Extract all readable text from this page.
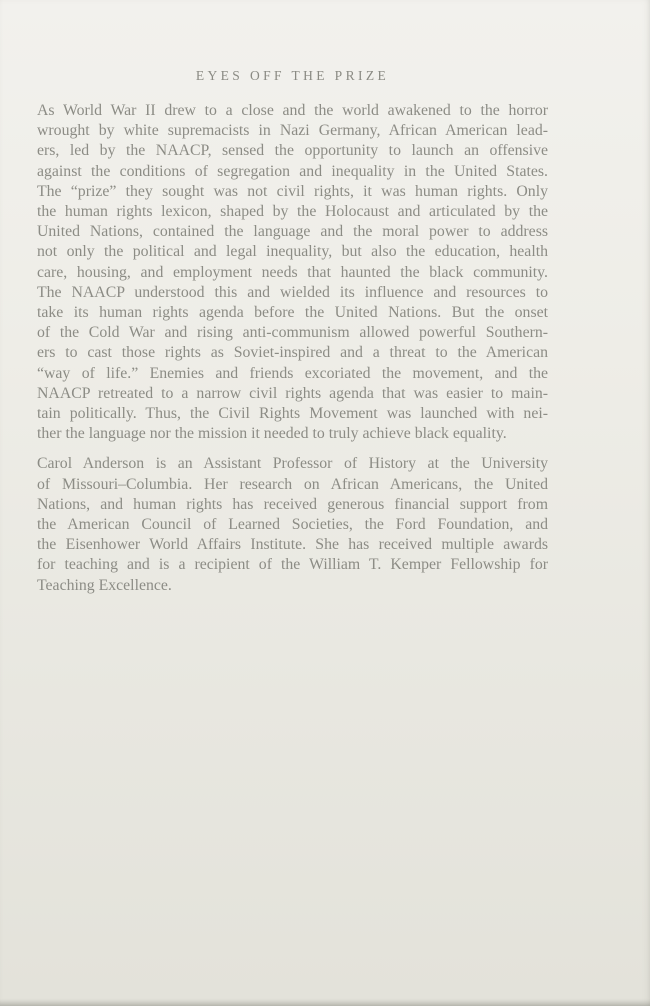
EYES OFF THE PRIZE
As World War II drew to a close and the world awakened to the horror
wrought by white supremacists in Nazi Germany, African American lead-
ers, led by the NAACP, sensed the opportunity to launch an offensive
against the conditions of segregation and inequality in the United States.
The “prize” they sought was not civil rights, it was human rights. Only
the human rights lexicon, shaped by the Holocaust and articulated by the
United Nations, contained the language and the moral power to address
not only the political and legal inequality, but also the education, health
care, housing, and employment needs that haunted the black community.
The NAACP understood this and wielded its influence and resources to
take its human rights agenda before the United Nations. But the onset
of the Cold War and rising anti-communism allowed powerful Southern-
ers to cast those rights as Soviet-inspired and a threat to the American
“way of life.” Enemies and friends excoriated the movement, and the
NAACP retreated to a narrow civil rights agenda that was easier to main-
tain politically. Thus, the Civil Rights Movement was launched with nei-
ther the language nor the mission it needed to truly achieve black equality.
Carol Anderson is an Assistant Professor of History at the University
of Missouri–Columbia. Her research on African Americans, the United
Nations, and human rights has received generous financial support from
the American Council of Learned Societies, the Ford Foundation, and
the Eisenhower World Affairs Institute. She has received multiple awards
for teaching and is a recipient of the William T. Kemper Fellowship for
Teaching Excellence.
